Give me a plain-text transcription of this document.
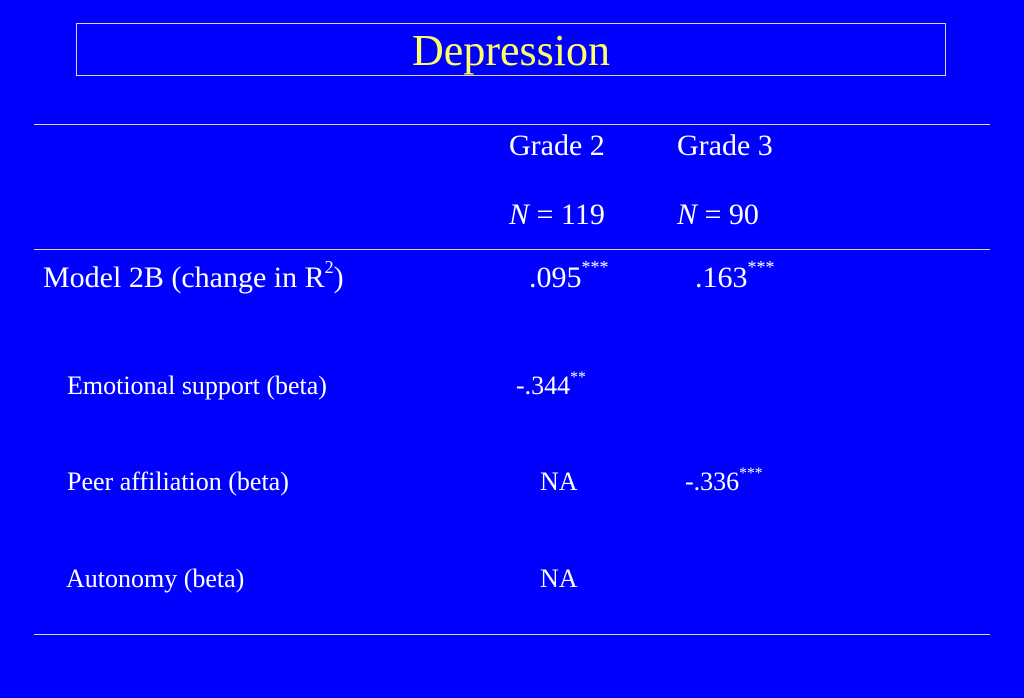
Depression
Grade 2 Grade 3
N = 119 N = 90
Model 2B (change in $R^2$)	.095***	.163***
Emotional support (beta)	-.344**
Peer affiliation (beta)	NA	-.336***
Autonomy (beta)	NA
